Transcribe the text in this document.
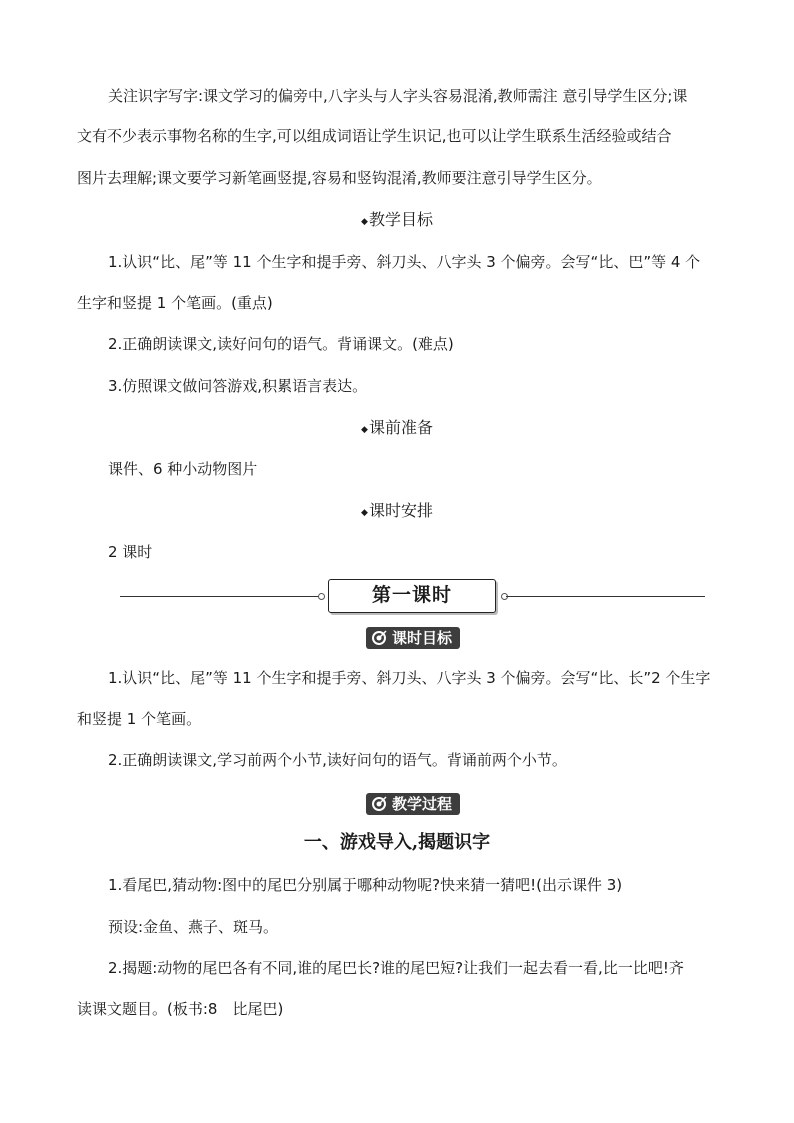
关注识字写字:课文学习的偏旁中,八字头与人字头容易混淆,教师需注 意引导学生区分;课
文有不少表示事物名称的生字,可以组成词语让学生识记,也可以让学生联系生活经验或结合
图片去理解;课文要学习新笔画竖提,容易和竖钩混淆,教师要注意引导学生区分。
◆教学目标
1.认识“比、尾”等 11 个生字和提手旁、斜刀头、八字头 3 个偏旁。会写“比、巴”等 4 个
生字和竖提 1 个笔画。(重点)
2.正确朗读课文,读好问句的语气。背诵课文。(难点)
3.仿照课文做问答游戏,积累语言表达。
◆课前准备
课件、6 种小动物图片
◆课时安排
2 课时
第一课时
课时目标
1.认识“比、尾”等 11 个生字和提手旁、斜刀头、八字头 3 个偏旁。会写“比、长”2 个生字
和竖提 1 个笔画。
2.正确朗读课文,学习前两个小节,读好问句的语气。背诵前两个小节。
教学过程
一、游戏导入,揭题识字
1.看尾巴,猜动物:图中的尾巴分别属于哪种动物呢?快来猜一猜吧!(出示课件 3)
预设:金鱼、燕子、斑马。
2.揭题:动物的尾巴各有不同,谁的尾巴长?谁的尾巴短?让我们一起去看一看,比一比吧!齐
读课文题目。(板书:8　比尾巴)
